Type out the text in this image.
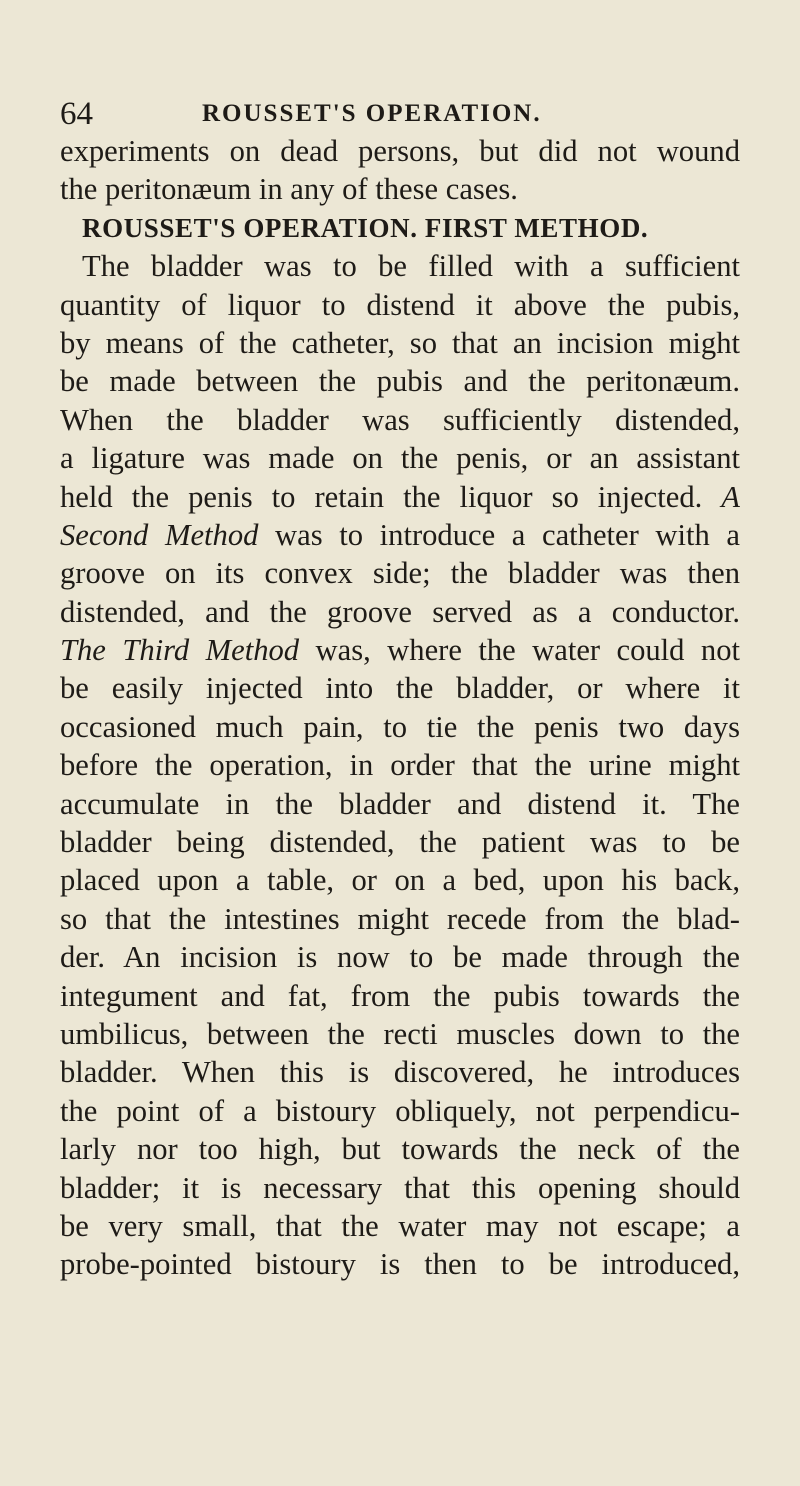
64	ROUSSET'S OPERATION.
experiments on dead persons, but did not wound
the peritonæum in any of these cases.
ROUSSET'S OPERATION. FIRST METHOD.
The bladder was to be filled with a sufficient
quantity of liquor to distend it above the pubis,
by means of the catheter, so that an incision might
be made between the pubis and the peritonæum.
When the bladder was sufficiently distended,
a ligature was made on the penis, or an assistant
held the penis to retain the liquor so injected. A
Second Method was to introduce a catheter with a
groove on its convex side; the bladder was then
distended, and the groove served as a conductor.
The Third Method was, where the water could not
be easily injected into the bladder, or where it
occasioned much pain, to tie the penis two days
before the operation, in order that the urine might
accumulate in the bladder and distend it. The
bladder being distended, the patient was to be
placed upon a table, or on a bed, upon his back,
so that the intestines might recede from the blad-
der. An incision is now to be made through the
integument and fat, from the pubis towards the
umbilicus, between the recti muscles down to the
bladder. When this is discovered, he introduces
the point of a bistoury obliquely, not perpendicu-
larly nor too high, but towards the neck of the
bladder; it is necessary that this opening should
be very small, that the water may not escape; a
probe-pointed bistoury is then to be introduced,
